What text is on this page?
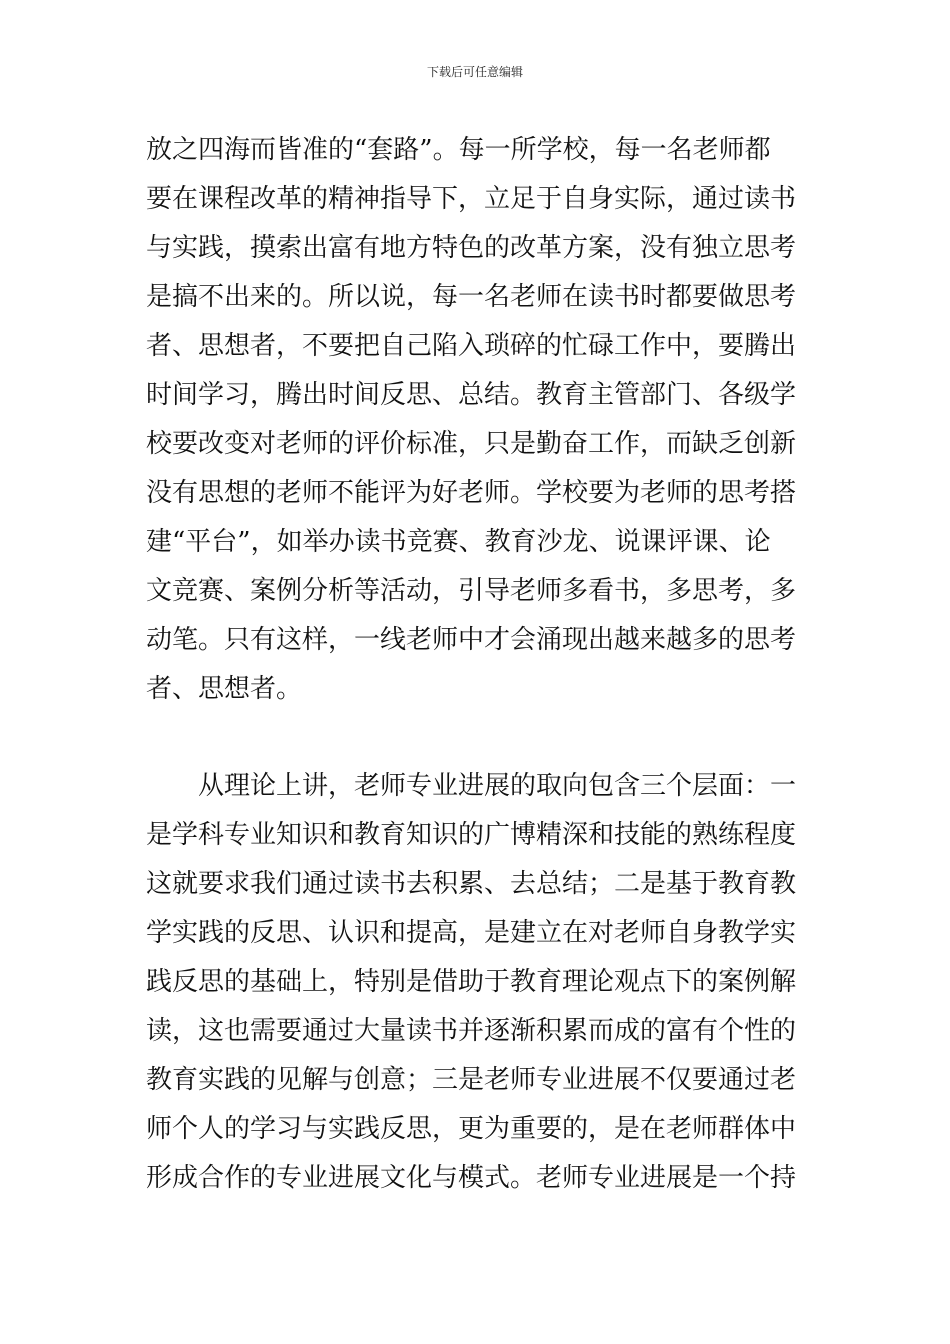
下载后可任意编辑
放之四海而皆准的“套路”。每一所学校，每一名老师都
要在课程改革的精神指导下，立足于自身实际，通过读书
与实践，摸索出富有地方特色的改革方案，没有独立思考
是搞不出来的。所以说，每一名老师在读书时都要做思考
者、思想者，不要把自己陷入琐碎的忙碌工作中，要腾出
时间学习，腾出时间反思、总结。教育主管部门、各级学
校要改变对老师的评价标准，只是勤奋工作，而缺乏创新
没有思想的老师不能评为好老师。学校要为老师的思考搭
建“平台”，如举办读书竞赛、教育沙龙、说课评课、论
文竞赛、案例分析等活动，引导老师多看书，多思考，多
动笔。只有这样，一线老师中才会涌现出越来越多的思考
者、思想者。
从理论上讲，老师专业进展的取向包含三个层面：一
是学科专业知识和教育知识的广博精深和技能的熟练程度
这就要求我们通过读书去积累、去总结；二是基于教育教
学实践的反思、认识和提高，是建立在对老师自身教学实
践反思的基础上，特别是借助于教育理论观点下的案例解
读，这也需要通过大量读书并逐渐积累而成的富有个性的
教育实践的见解与创意；三是老师专业进展不仅要通过老
师个人的学习与实践反思，更为重要的，是在老师群体中
形成合作的专业进展文化与模式。老师专业进展是一个持
